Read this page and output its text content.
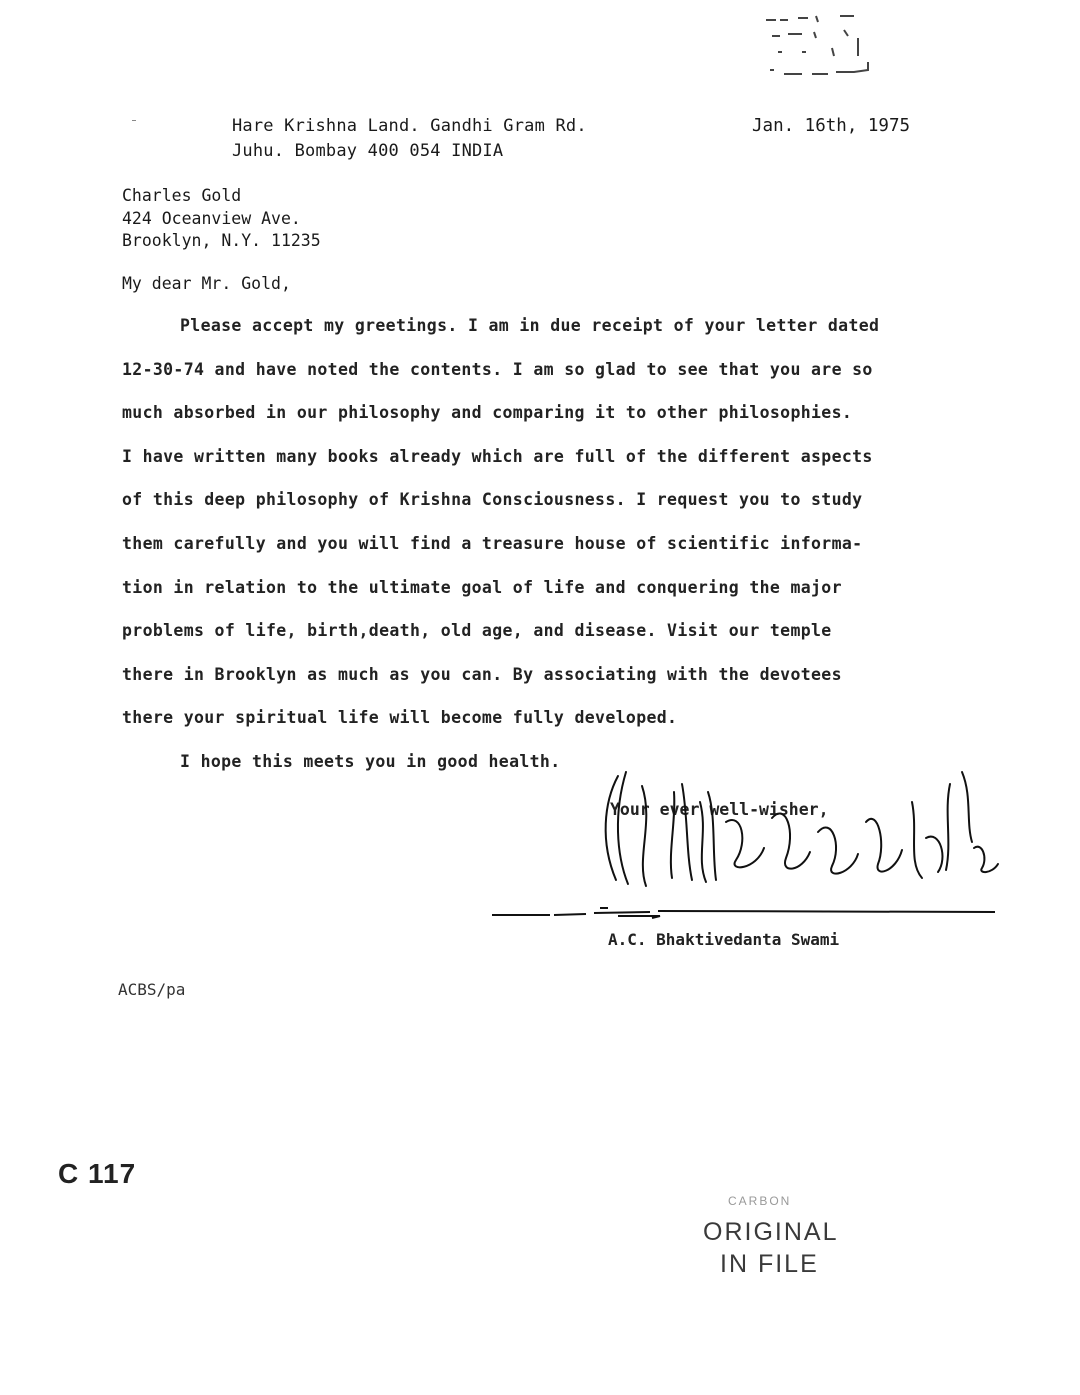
Hare Krishna Land. Gandhi Gram Rd.
Juhu. Bombay 400 054 INDIA
Jan. 16th, 1975
Charles Gold
424 Oceanview Ave.
Brooklyn, N.Y. 11235
My dear Mr. Gold,
Please accept my greetings. I am in due receipt of your letter dated
12-30-74 and have noted the contents. I am so glad to see that you are so
much absorbed in our philosophy and comparing it to other philosophies.
I have written many books already which are full of the different aspects
of this deep philosophy of Krishna Consciousness. I request you to study
them carefully and you will find a treasure house of scientific informa-
tion in relation to the ultimate goal of life and conquering the major
problems of life, birth,death, old age, and disease. Visit our temple
there in Brooklyn as much as you can. By associating with the devotees
there your spiritual life will become fully developed.
I hope this meets you in good health.
Your ever well-wisher,
A.C. Bhaktivedanta Swami
ACBS/pa
C 117
CARBON
ORIGINAL
IN FILE
